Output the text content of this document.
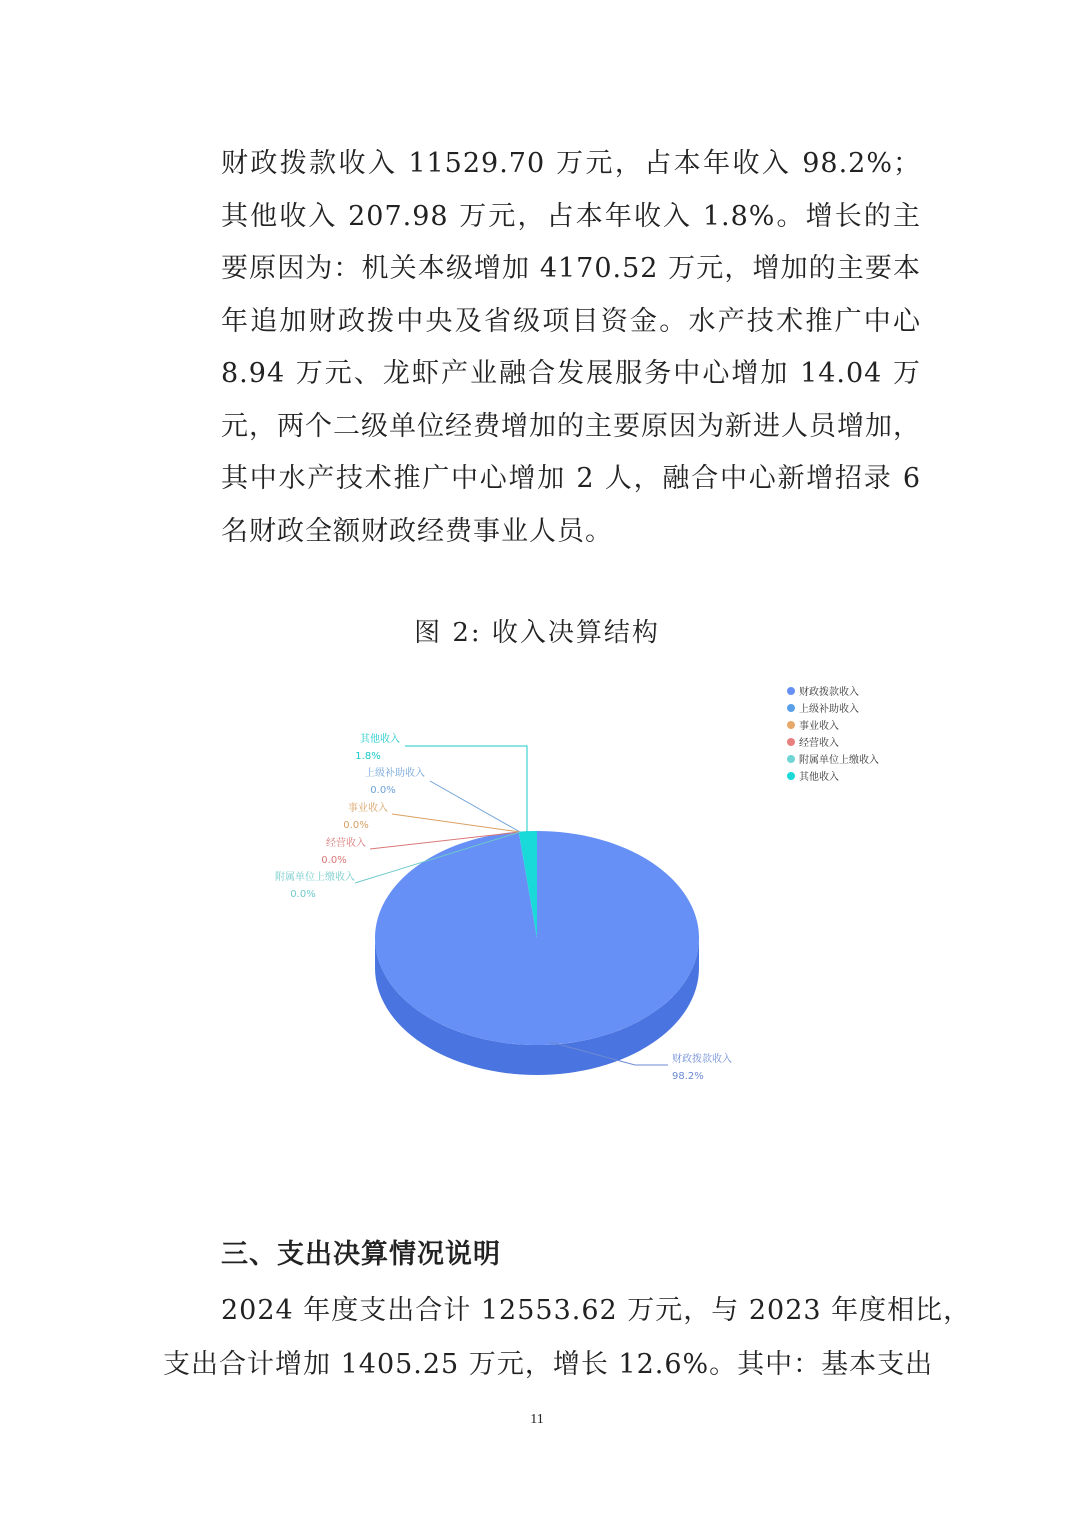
财政拨款收入 11529.70 万元，占本年收入 98.2%；其他收入 207.98 万元，占本年收入 1.8%。增长的主要原因为：机关本级增加 4170.52 万元，增加的主要本年追加财政拨中央及省级项目资金。水产技术推广中心 8.94 万元、龙虾产业融合发展服务中心增加 14.04 万元，两个二级单位经费增加的主要原因为新进人员增加，其中水产技术推广中心增加 2 人，融合中心新增招录 6 名财政全额财政经费事业人员。

图 2: 收入决算结构
财政拨款收入
98.2%
上级补助收入
0.0%
事业收入
0.0%
经营收入
0.0%
附属单位上缴收入
0.0%
其他收入
1.8%
财政拨款收入
上级补助收入
事业收入
经营收入
附属单位上缴收入
其他收入
三、支出决算情况说明

2024 年度支出合计 12553.62 万元，与 2023 年度相比，

支出合计增加 1405.25 万元，增长 12.6%。其中：基本支出

11
